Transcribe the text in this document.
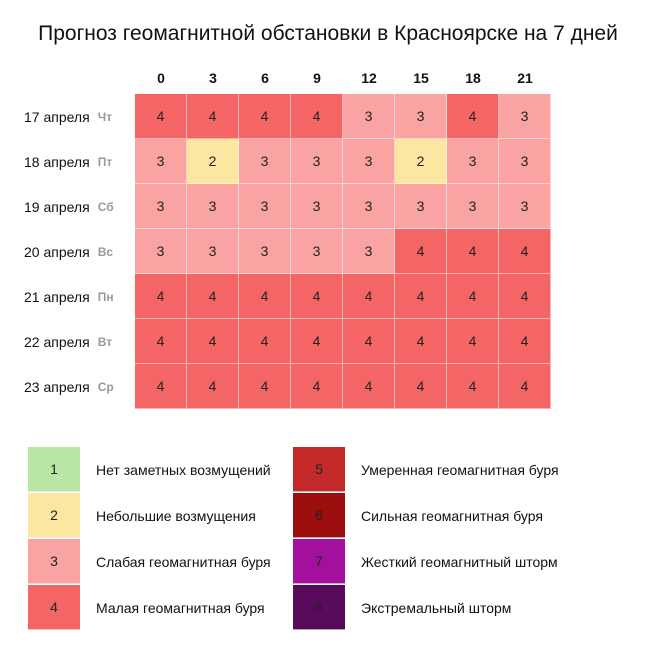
Прогноз геомагнитной обстановки в Красноярске на 7 дней
0	3	6	9	12	15	18	21
17 апреля Чт	4	4	4	4	3	3	4	3
18 апреля Пт	3	2	3	3	3	2	3	3
19 апреля Сб	3	3	3	3	3	3	3	3
20 апреля Вс	3	3	3	3	3	4	4	4
21 апреля Пн	4	4	4	4	4	4	4	4
22 апреля Вт	4	4	4	4	4	4	4	4
23 апреля Ср	4	4	4	4	4	4	4	4
1	Нет заметных возмущений
2	Небольшие возмущения
3	Слабая геомагнитная буря
4	Малая геомагнитная буря
5	Умеренная геомагнитная буря
6	Сильная геомагнитная буря
7	Жесткий геомагнитный шторм
8	Экстремальный шторм
